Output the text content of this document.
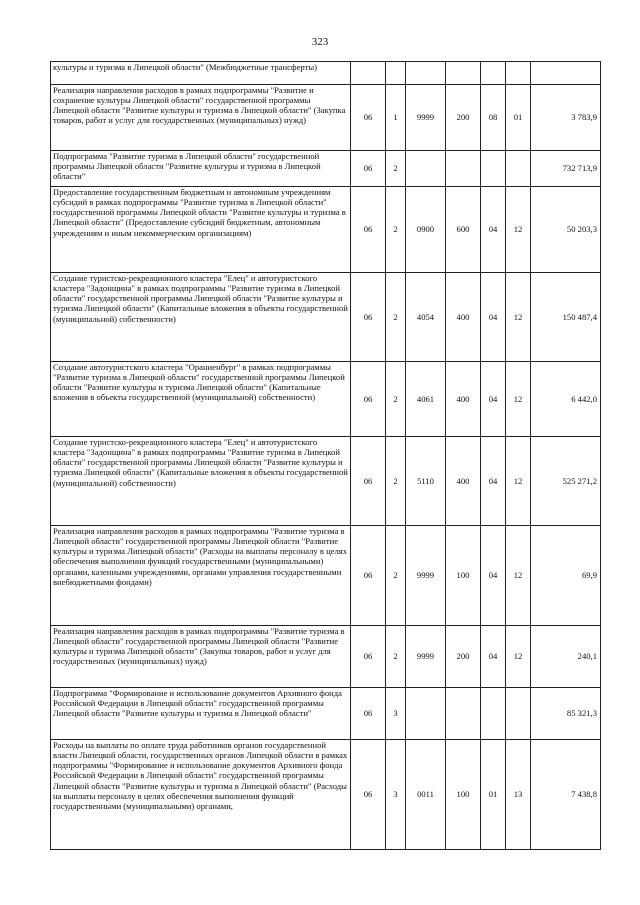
323
культуры и туризма в Липецкой области" (Межбюджетные трансферты)							
Реализация направления расходов в рамках подпрограммы "Развитие и сохранение культуры Липецкой области" государственной программы Липецкой области "Развитие культуры и туризма в Липецкой области" (Закупка товаров, работ и услуг для государственных (муниципальных) нужд)	06	1	9999	200	08	01	3 783,9
Подпрограмма "Развитие туризма в Липецкой области" государственной программы Липецкой области "Развитие культуры и туризма в Липецкой области"	06	2					732 713,9
Предоставление государственным бюджетным и автономным учреждениям субсидий в рамках подпрограммы "Развитие туризма в Липецкой области" государственной программы Липецкой области "Развитие культуры и туризма в Липецкой области" (Предоставление субсидий бюджетным, автономным учреждениям и иным некоммерческим организациям)	06	2	0900	600	04	12	50 203,3
Создание туристско-рекреационного кластера "Елец" и автотуристского кластера "Задонщина" в рамках подпрограммы "Развитие туризма в Липецкой области" государственной программы Липецкой области "Развитие культуры и туризма Липецкой области" (Капитальные вложения в объекты государственной (муниципальной) собственности)	06	2	4054	400	04	12	150 487,4
Создание автотуристского кластера "Ораниенбург" в рамках подпрограммы "Развитие туризма в Липецкой области" государственной программы Липецкой области "Развитие культуры и туризма Липецкой области" (Капитальные вложения в объекты государственной (муниципальной) собственности)	06	2	4061	400	04	12	6 442,0
Создание туристско-рекреационного кластера "Елец" и автотуристского кластера "Задонщина" в рамках подпрограммы "Развитие туризма в Липецкой области" государственной программы Липецкой области "Развитие культуры и туризма Липецкой области" (Капитальные вложения в объекты государственной (муниципальной) собственности)	06	2	5110	400	04	12	525 271,2
Реализация направления расходов в рамках подпрограммы "Развитие туризма в Липецкой области" государственной программы Липецкой области "Развитие культуры и туризма Липецкой области" (Расходы на выплаты персоналу в целях обеспечения выполнения функций государственными (муниципальными) органами, казенными учреждениями, органами управления государственными внебюджетными фондами)	06	2	9999	100	04	12	69,9
Реализация направления расходов в рамках подпрограммы "Развитие туризма в Липецкой области" государственной программы Липецкой области "Развитие культуры и туризма Липецкой области" (Закупка товаров, работ и услуг для государственных (муниципальных) нужд)	06	2	9999	200	04	12	240,1
Подпрограмма "Формирование и использование документов Архивного фонда Российской Федерации в Липецкой области" государственной программы Липецкой области "Развитие культуры и туризма в Липецкой области"	06	3					85 321,3
Расходы на выплаты по оплате труда работников органов государственной власти Липецкой области, государственных органов Липецкой области в рамках подпрограммы "Формирование и использование документов Архивного фонда Российской Федерации в Липецкой области" государственной программы Липецкой области "Развитие культуры и туризма в Липецкой области" (Расходы на выплаты персоналу в целях обеспечения выполнения функций государственными (муниципальными) органами,	06	3	0011	100	01	13	7 438,8
